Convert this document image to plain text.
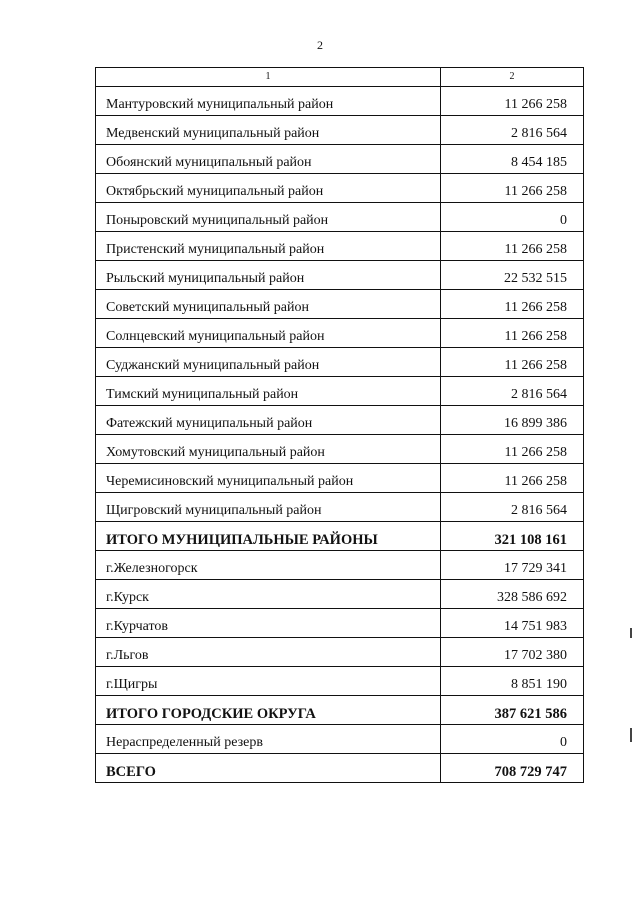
2
1	2
Мантуровский муниципальный район	11 266 258
Медвенский муниципальный район	2 816 564
Обоянский муниципальный район	8 454 185
Октябрьский муниципальный район	11 266 258
Поныровский муниципальный район	0
Пристенский муниципальный район	11 266 258
Рыльский муниципальный район	22 532 515
Советский муниципальный район	11 266 258
Солнцевский муниципальный район	11 266 258
Суджанский муниципальный район	11 266 258
Тимский муниципальный район	2 816 564
Фатежский муниципальный район	16 899 386
Хомутовский муниципальный район	11 266 258
Черемисиновский муниципальный район	11 266 258
Щигровский муниципальный район	2 816 564
ИТОГО МУНИЦИПАЛЬНЫЕ РАЙОНЫ	321 108 161
г.Железногорск	17 729 341
г.Курск	328 586 692
г.Курчатов	14 751 983
г.Льгов	17 702 380
г.Щигры	8 851 190
ИТОГО ГОРОДСКИЕ ОКРУГА	387 621 586
Нераспределенный резерв	0
ВСЕГО	708 729 747
